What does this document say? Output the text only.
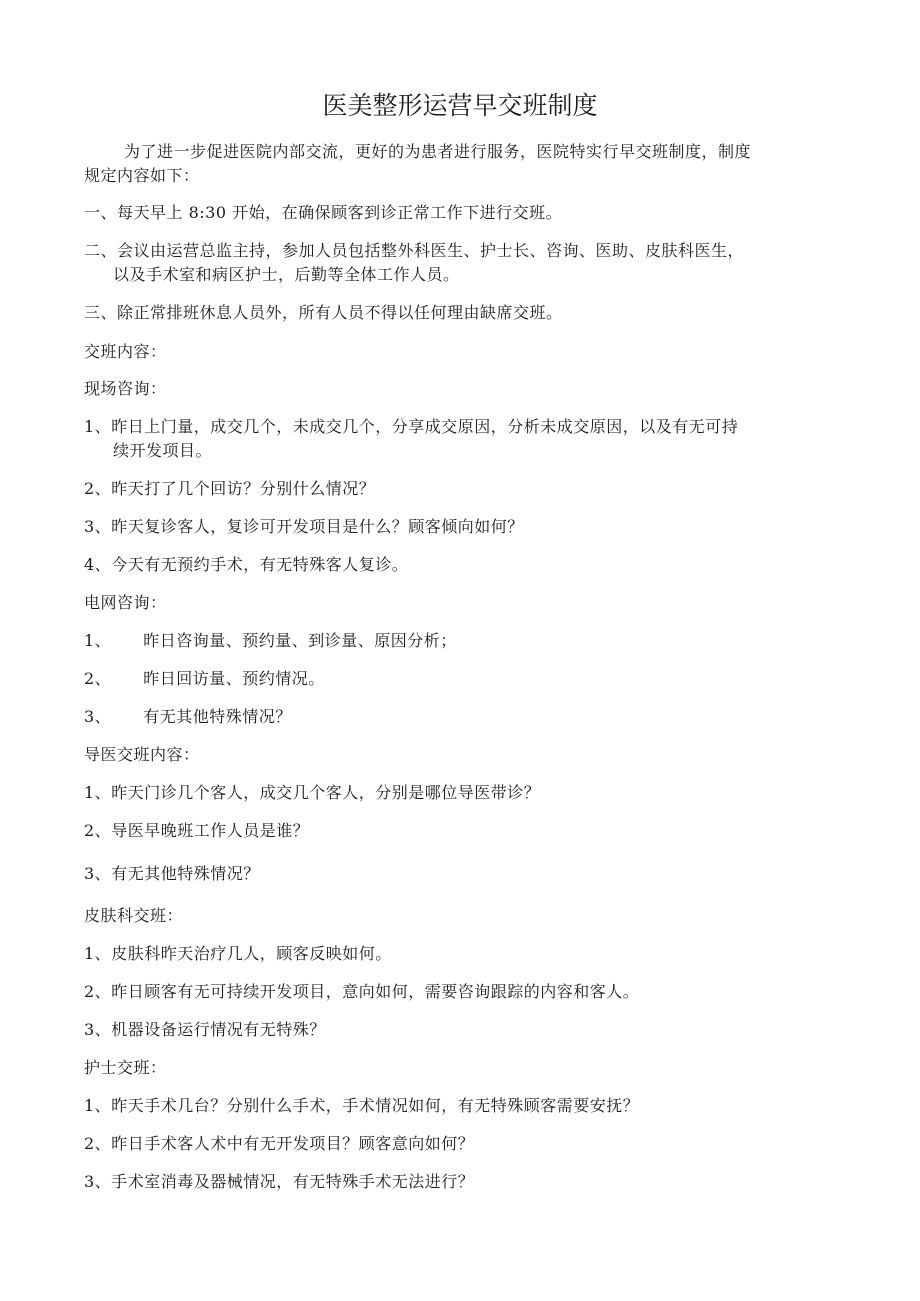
医美整形运营早交班制度
为了进一步促进医院内部交流，更好的为患者进行服务，医院特实行早交班制度，制度
规定内容如下：
一、每天早上 8:30 开始，在确保顾客到诊正常工作下进行交班。
二、会议由运营总监主持，参加人员包括整外科医生、护士长、咨询、医助、皮肤科医生，
以及手术室和病区护士，后勤等全体工作人员。
三、除正常排班休息人员外，所有人员不得以任何理由缺席交班。
交班内容：
现场咨询：
1、昨日上门量，成交几个，未成交几个，分享成交原因，分析未成交原因，以及有无可持
续开发项目。
2、昨天打了几个回访？分别什么情况？
3、昨天复诊客人，复诊可开发项目是什么？顾客倾向如何？
4、今天有无预约手术，有无特殊客人复诊。
电网咨询：
1、 昨日咨询量、预约量、到诊量、原因分析；
2、 昨日回访量、预约情况。
3、 有无其他特殊情况？
导医交班内容：
1、昨天门诊几个客人，成交几个客人，分别是哪位导医带诊？
2、导医早晚班工作人员是谁？
3、有无其他特殊情况？
皮肤科交班：
1、皮肤科昨天治疗几人，顾客反映如何。
2、昨日顾客有无可持续开发项目，意向如何，需要咨询跟踪的内容和客人。
3、机器设备运行情况有无特殊？
护士交班：
1、昨天手术几台？分别什么手术，手术情况如何，有无特殊顾客需要安抚？
2、昨日手术客人术中有无开发项目？顾客意向如何？
3、手术室消毒及器械情况，有无特殊手术无法进行？
